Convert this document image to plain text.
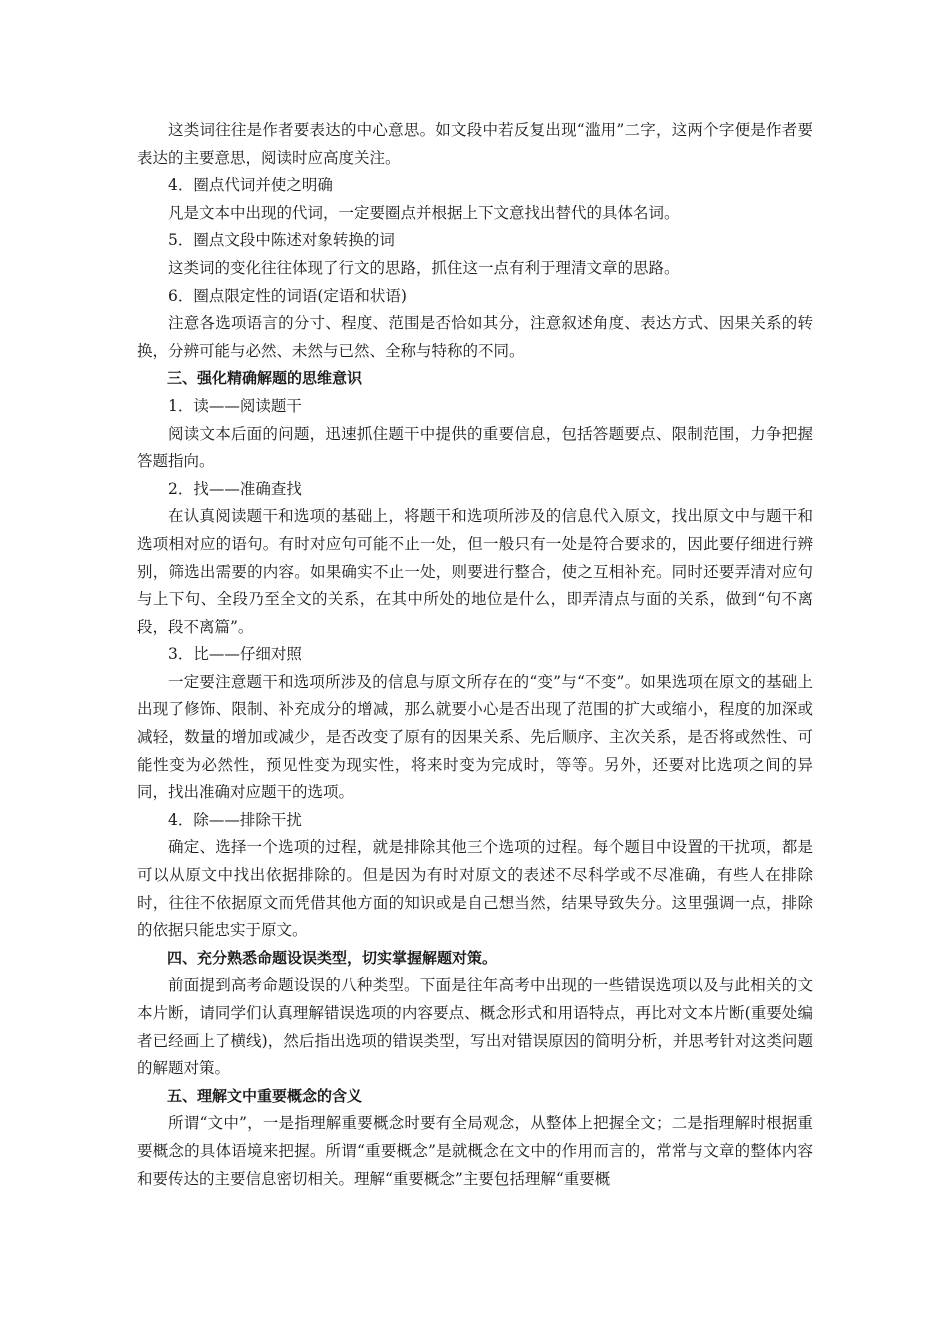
这类词往往是作者要表达的中心意思。如文段中若反复出现“滥用”二字，这两个字便是作者要表达的主要意思，阅读时应高度关注。

4．圈点代词并使之明确

凡是文本中出现的代词，一定要圈点并根据上下文意找出替代的具体名词。

5．圈点文段中陈述对象转换的词

这类词的变化往往体现了行文的思路，抓住这一点有利于理清文章的思路。

6．圈点限定性的词语(定语和状语)

注意各选项语言的分寸、程度、范围是否恰如其分，注意叙述角度、表达方式、因果关系的转换，分辨可能与必然、未然与已然、全称与特称的不同。

三、强化精确解题的思维意识

1．读——阅读题干

阅读文本后面的问题，迅速抓住题干中提供的重要信息，包括答题要点、限制范围，力争把握答题指向。

2．找——准确查找

在认真阅读题干和选项的基础上，将题干和选项所涉及的信息代入原文，找出原文中与题干和选项相对应的语句。有时对应句可能不止一处，但一般只有一处是符合要求的，因此要仔细进行辨别，筛选出需要的内容。如果确实不止一处，则要进行整合，使之互相补充。同时还要弄清对应句与上下句、全段乃至全文的关系，在其中所处的地位是什么，即弄清点与面的关系，做到“句不离段，段不离篇”。

3．比——仔细对照

一定要注意题干和选项所涉及的信息与原文所存在的“变”与“不变”。如果选项在原文的基础上出现了修饰、限制、补充成分的增减，那么就要小心是否出现了范围的扩大或缩小，程度的加深或减轻，数量的增加或减少，是否改变了原有的因果关系、先后顺序、主次关系，是否将或然性、可能性变为必然性，预见性变为现实性，将来时变为完成时，等等。另外，还要对比选项之间的异同，找出准确对应题干的选项。

4．除——排除干扰

确定、选择一个选项的过程，就是排除其他三个选项的过程。每个题目中设置的干扰项，都是可以从原文中找出依据排除的。但是因为有时对原文的表述不尽科学或不尽准确，有些人在排除时，往往不依据原文而凭借其他方面的知识或是自己想当然，结果导致失分。这里强调一点，排除的依据只能忠实于原文。

四、充分熟悉命题设误类型，切实掌握解题对策。

前面提到高考命题设误的八种类型。下面是往年高考中出现的一些错误选项以及与此相关的文本片断，请同学们认真理解错误选项的内容要点、概念形式和用语特点，再比对文本片断(重要处编者已经画上了横线)，然后指出选项的错误类型，写出对错误原因的简明分析，并思考针对这类问题的解题对策。

五、理解文中重要概念的含义

所谓“文中”，一是指理解重要概念时要有全局观念，从整体上把握全文；二是指理解时根据重要概念的具体语境来把握。所谓“重要概念”是就概念在文中的作用而言的，常常与文章的整体内容和要传达的主要信息密切相关。理解“重要概念”主要包括理解“重要概
